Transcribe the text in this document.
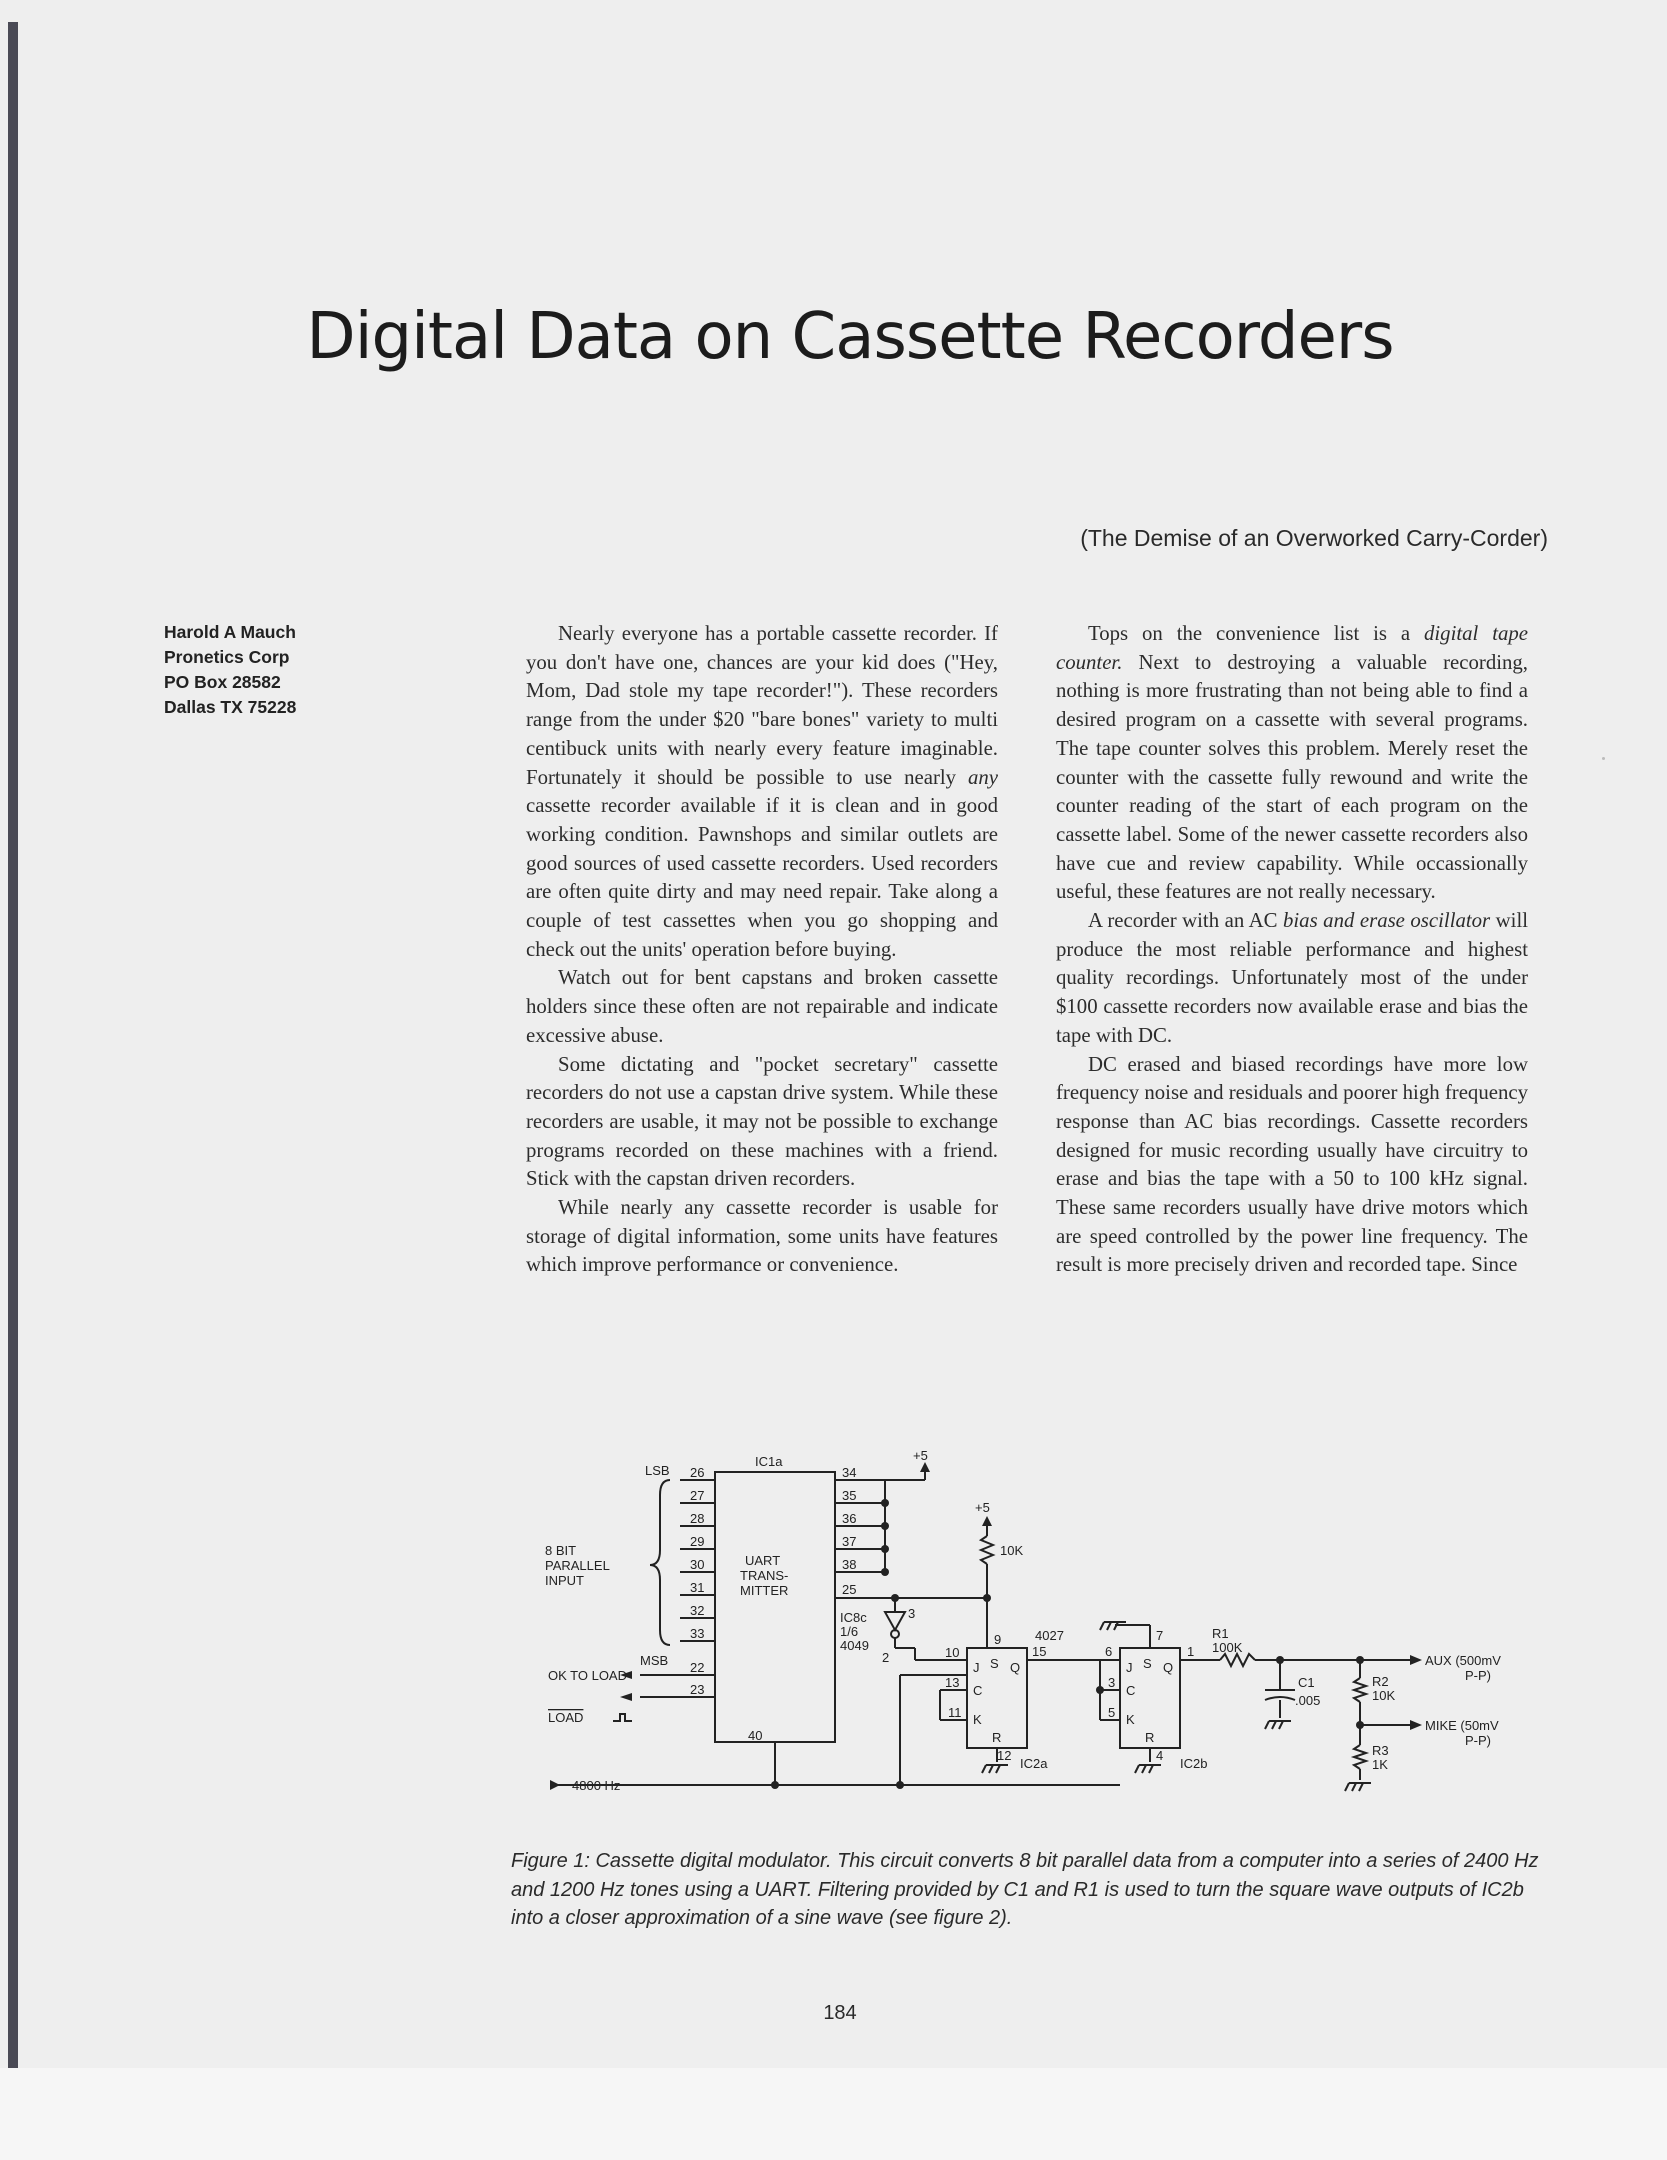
Digital Data on Cassette Recorders

(The Demise of an Overworked Carry-Corder)

Harold A Mauch
Pronetics Corp
PO Box 28582
Dallas TX 75228

Nearly everyone has a portable cassette recorder. If you don't have one, chances are your kid does ("Hey, Mom, Dad stole my tape recorder!"). These recorders range from the under $20 "bare bones" variety to multi centibuck units with nearly every feature imaginable. Fortunately it should be possible to use nearly any cassette recorder available if it is clean and in good working condition. Pawnshops and similar outlets are good sources of used cassette recorders. Used recorders are often quite dirty and may need repair. Take along a couple of test cassettes when you go shopping and check out the units' operation before buying.

Watch out for bent capstans and broken cassette holders since these often are not repairable and indicate excessive abuse.

Some dictating and "pocket secretary" cassette recorders do not use a capstan drive system. While these recorders are usable, it may not be possible to exchange programs recorded on these machines with a friend. Stick with the capstan driven recorders.

While nearly any cassette recorder is usable for storage of digital information, some units have features which improve performance or convenience.

Tops on the convenience list is a digital tape counter. Next to destroying a valuable recording, nothing is more frustrating than not being able to find a desired program on a cassette with several programs. The tape counter solves this problem. Merely reset the counter with the cassette fully rewound and write the counter reading of the start of each program on the cassette label. Some of the newer cassette recorders also have cue and review capability. While occassionally useful, these features are not really necessary.

A recorder with an AC bias and erase oscillator will produce the most reliable performance and highest quality recordings. Unfortunately most of the under $100 cassette recorders now available erase and bias the tape with DC.

DC erased and biased recordings have more low frequency noise and residuals and poorer high frequency response than AC bias recordings. Cassette recorders designed for music recording usually have circuitry to erase and bias the tape with a 50 to 100 kHz signal. These same recorders usually have drive motors which are speed controlled by the power line frequency. The result is more precisely driven and recorded tape. Since

IC1a
UART
TRANS-
MITTER
LSB
MSB
8 BIT
PARALLEL
INPUT
26
27
28
29
30
31
32
33
34
35
36
37
38
25
22
23
40
OK TO LOAD
LOAD
+5
+5
10K
IC8c
1/6
4049
3
2
4027
J S Q
C
K
R
9
10	15
13
11
12
IC2a
J S Q
C
K
R
7
6	1
3
5
4
IC2b
R1
100K
C1
.005
R2
10K
R3
1K
AUX (500mV
P-P)
MIKE (50mV
P-P)
4800 Hz
Figure 1: Cassette digital modulator. This circuit converts 8 bit parallel data from a computer into a series of 2400 Hz and 1200 Hz tones using a UART. Filtering provided by C1 and R1 is used to turn the square wave outputs of IC2b into a closer approximation of a sine wave (see figure 2).
184
